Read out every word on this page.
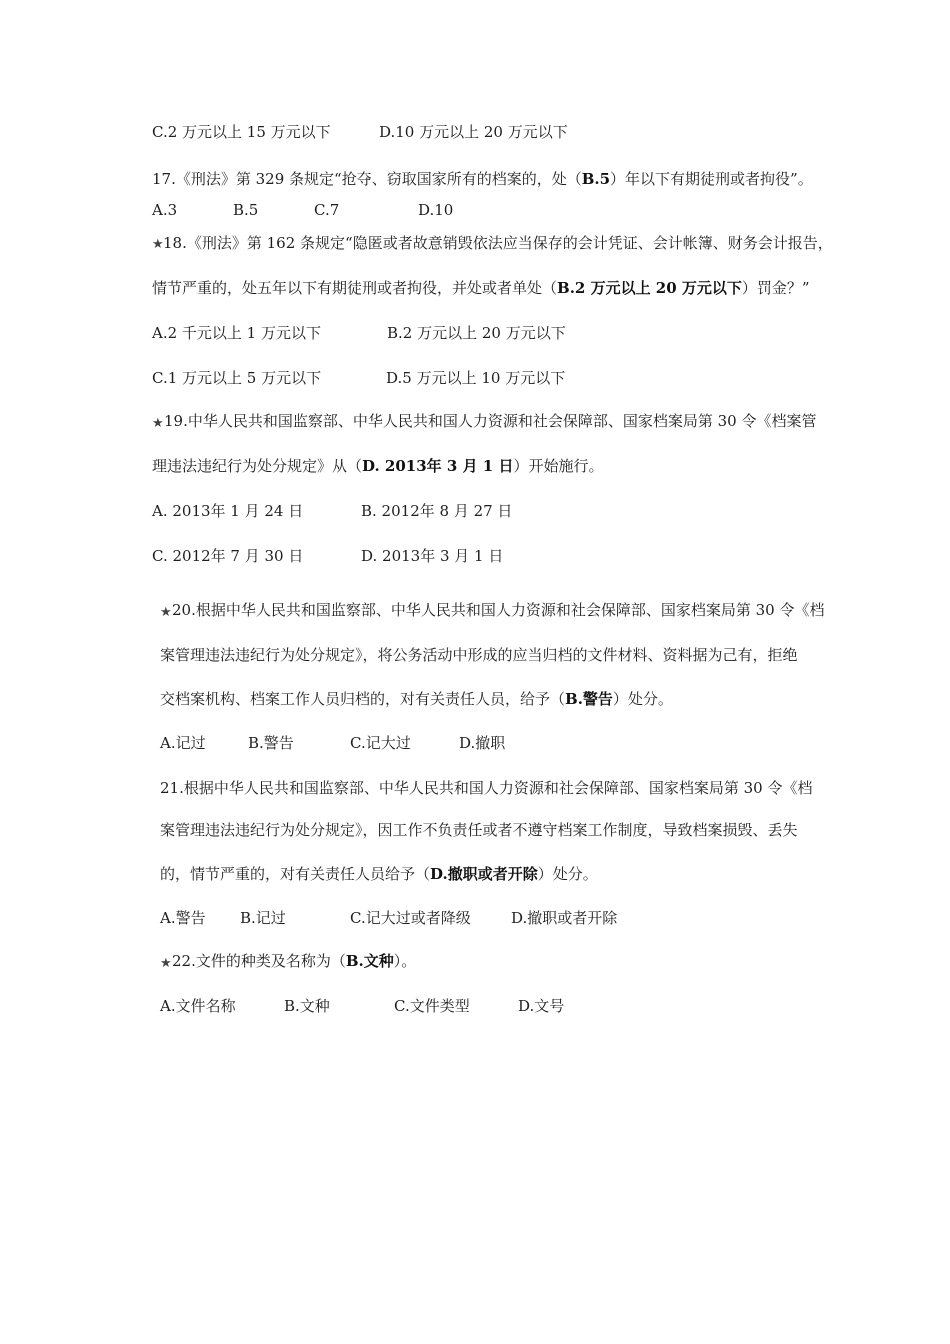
C.2 万元以上 15 万元以下	D.10 万元以上 20 万元以下
17.《刑法》第 329 条规定“抢夺、窃取国家所有的档案的，处（B.5）年以下有期徒刑或者拘役”。
A.3	B.5	C.7	D.10
★ 18.《刑法》第 162 条规定“隐匿或者故意销毁依法应当保存的会计凭证、会计帐簿、财务会计报告，
情节严重的，处五年以下有期徒刑或者拘役，并处或者单处（B.2 万元以上 20 万元以下）罚金？”
A.2 千元以上 1 万元以下	B.2 万元以上 20 万元以下
C.1 万元以上 5 万元以下	D.5 万元以上 10 万元以下
★ 19.中华人民共和国监察部、中华人民共和国人力资源和社会保障部、国家档案局第 30 令《档案管
理违法违纪行为处分规定》从（D. 2013年 3 月 1 日）开始施行。
A. 2013年 1 月 24 日	B. 2012年 8 月 27 日
C. 2012年 7 月 30 日	D. 2013年 3 月 1 日
★ 20.根据中华人民共和国监察部、中华人民共和国人力资源和社会保障部、国家档案局第 30 令《档
案管理违法违纪行为处分规定》，将公务活动中形成的应当归档的文件材料、资料据为己有，拒绝
交档案机构、档案工作人员归档的，对有关责任人员，给予（B.警告）处分。
A.记过	B.警告	C.记大过	D.撤职
21.根据中华人民共和国监察部、中华人民共和国人力资源和社会保障部、国家档案局第 30 令《档
案管理违法违纪行为处分规定》，因工作不负责任或者不遵守档案工作制度，导致档案损毁、丢失
的，情节严重的，对有关责任人员给予（D.撤职或者开除）处分。
A.警告 B.记过	C.记大过或者降级	D.撤职或者开除
★ 22.文件的种类及名称为（B.文种）。
A.文件名称	B.文种	C.文件类型	D.文号
